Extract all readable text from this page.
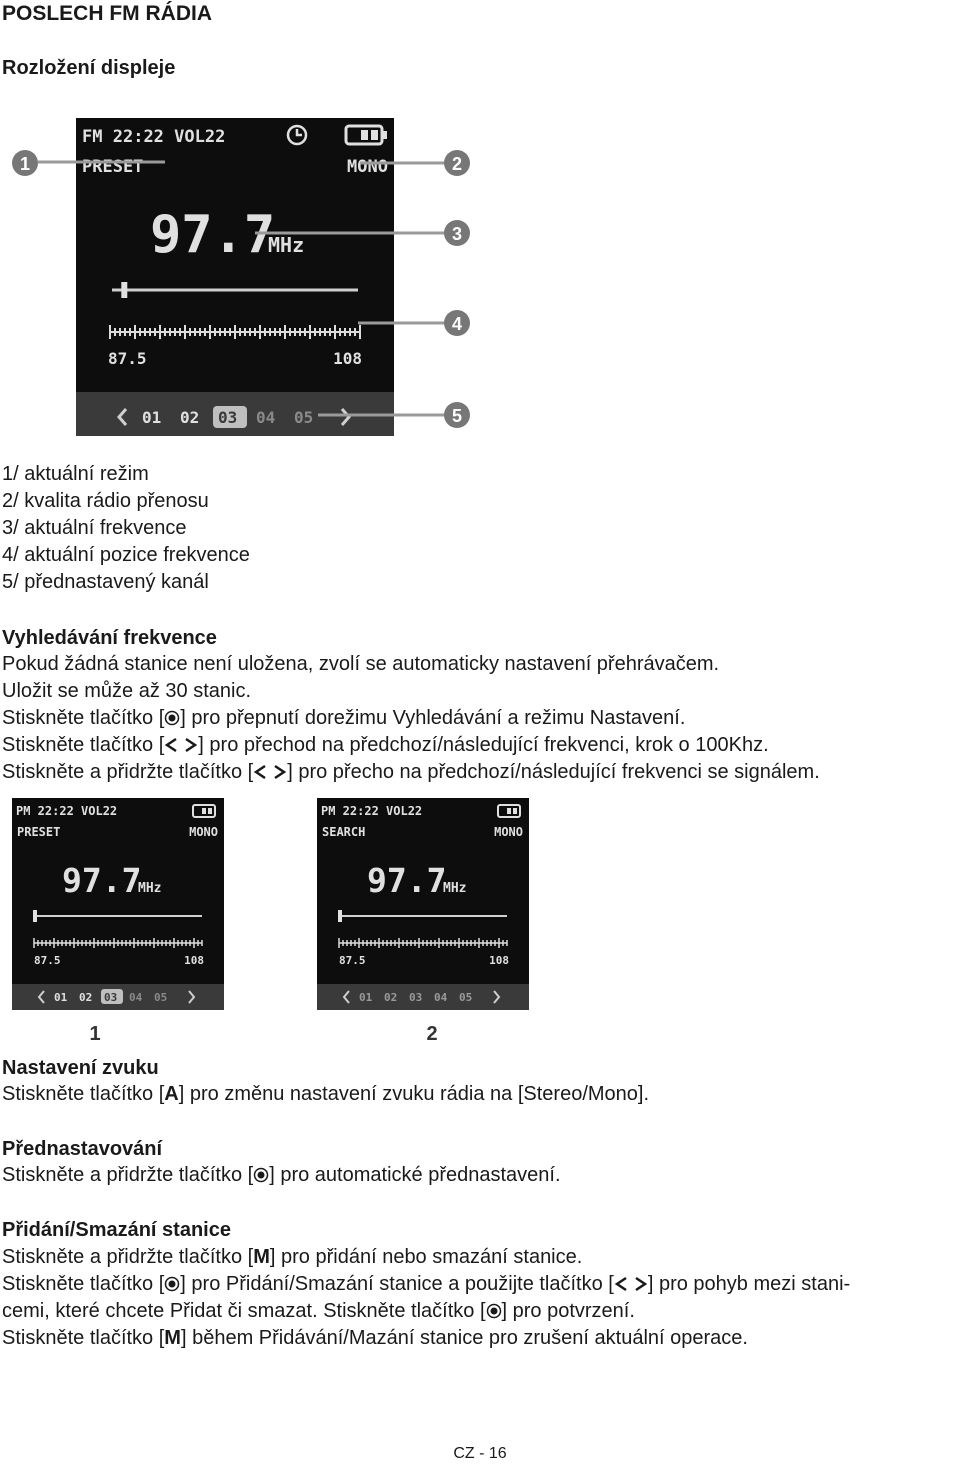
POSLECH FM RÁDIA
Rozložení displeje
FM 22:22 VOL22
PRESET	MONO
97.7
MHz
87.5	108
01 02 03 04 05
1	2
3
4
5
1/ aktuální režim
2/ kvalita rádio přenosu
3/ aktuální frekvence
4/ aktuální pozice frekvence
5/ přednastavený kanál
Vyhledávání frekvence
Pokud žádná stanice není uložena, zvolí se automaticky nastavení přehrávačem.
Uložit se může až 30 stanic.
Stiskněte tlačítko [ ] pro přepnutí dorežimu Vyhledávání a režimu Nastavení.
Stiskněte tlačítko [ ] pro přechod na předchozí/následující frekvenci, krok o 100Khz.
Stiskněte a přidržte tlačítko [ ] pro přecho na předchozí/následující frekvenci se signálem.
PM 22:22 VOL22
PRESET	MONO
97.7
MHz
87.5	108
01 02 03 04 05
PM 22:22 VOL22
SEARCH	MONO
97.7
MHz
87.5	108
01 02 03 04 05
1	2
Nastavení zvuku
Stiskněte tlačítko [A] pro změnu nastavení zvuku rádia na [Stereo/Mono].
Přednastavování
Stiskněte a přidržte tlačítko [ ] pro automatické přednastavení.
Přidání/Smazání stanice
Stiskněte a přidržte tlačítko [M] pro přidání nebo smazání stanice.
Stiskněte tlačítko [ ] pro Přidání/Smazání stanice a použijte tlačítko [ ] pro pohyb mezi stani-
cemi, které chcete Přidat či smazat. Stiskněte tlačítko [ ] pro potvrzení.
Stiskněte tlačítko [M] během Přidávání/Mazání stanice pro zrušení aktuální operace.
CZ - 16
